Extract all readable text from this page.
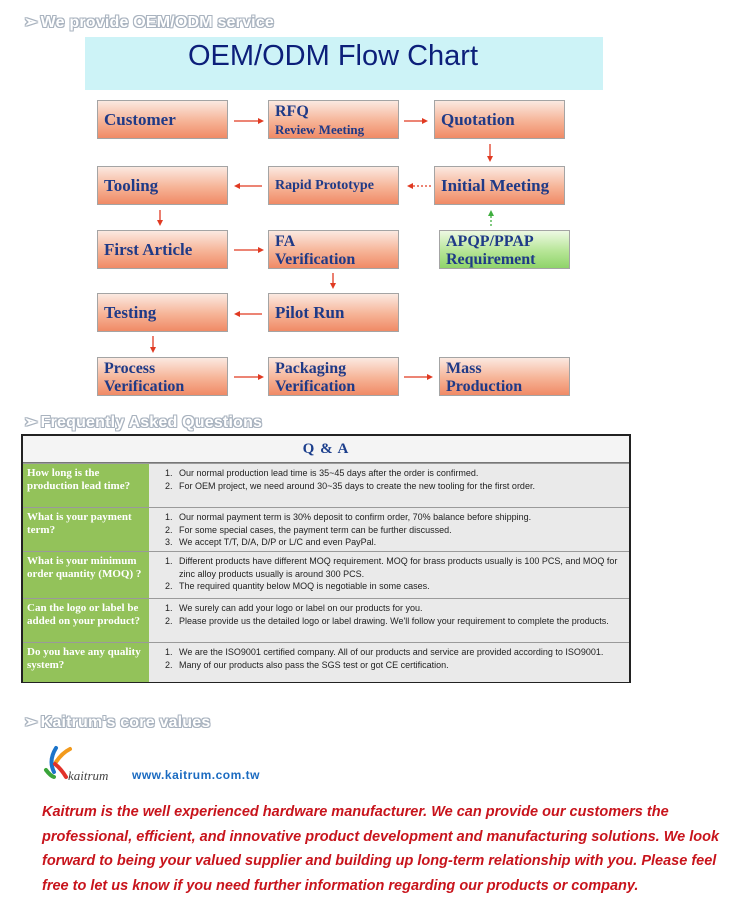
➢ We provide OEM/ODM service
OEM/ODM Flow Chart
Customer	RFQ
Review Meeting
Quotation
Tooling	Rapid Prototype	Initial Meeting
First Article	FA
Verification
APQP/PPAP
Requirement
Testing	Pilot Run
Process
Verification
Packaging
Verification
Mass
Production
➢ Frequently Asked Questions
Q & A
How long is the production lead time?
1. Our normal production lead time is 35~45 days after the order is confirmed.
2. For OEM project, we need around 30~35 days to create the new tooling for the first order.
What is your payment term?
1. Our normal payment term is 30% deposit to confirm order, 70% balance before shipping.
2. For some special cases, the payment term can be further discussed.
3. We accept T/T, D/A, D/P or L/C and even PayPal.
What is your minimum order quantity (MOQ) ?
1. Different products have different MOQ requirement. MOQ for brass products usually is 100 PCS, and MOQ for zinc alloy products usually is around 300 PCS.
2. The required quantity below MOQ is negotiable in some cases.
Can the logo or label be added on your product?
1. We surely can add your logo or label on our products for you.
2. Please provide us the detailed logo or label drawing. We'll follow your requirement to complete the products.
Do you have any quality system?
1. We are the ISO9001 certified company. All of our products and service are provided according to ISO9001.
2. Many of our products also pass the SGS test or got CE certification.
➢ Kaitrum's core values
kaitrum www.kaitrum.com.tw
Kaitrum is the well experienced hardware manufacturer. We can provide our customers the professional, efficient, and innovative product development and manufacturing solutions. We look forward to being your valued supplier and building up long-term relationship with you. Please feel free to let us know if you need further information regarding our products or company.
